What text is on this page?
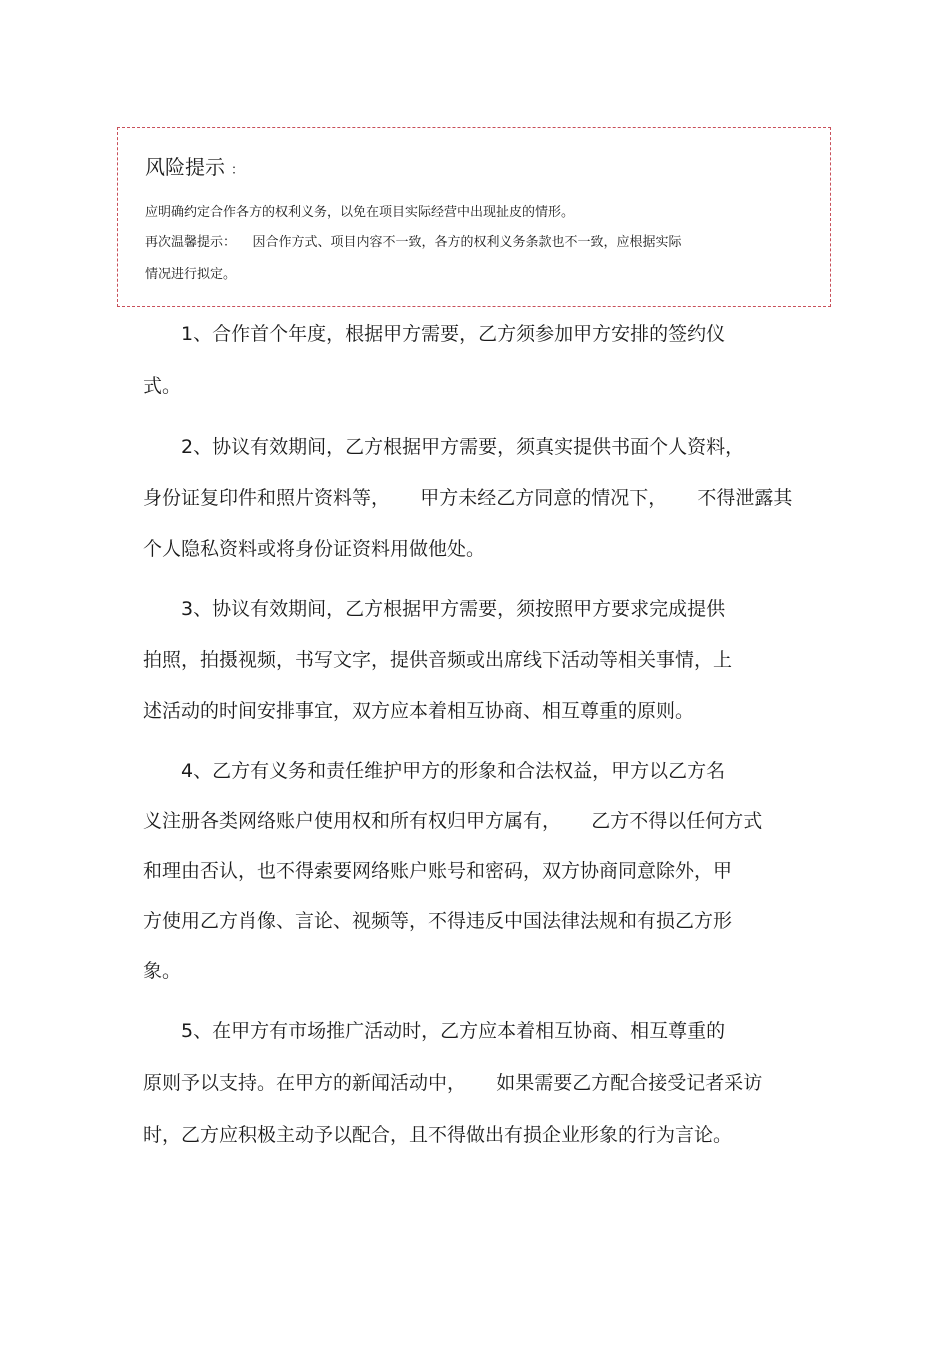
风险提示 ：
应明确约定合作各方的权利义务，以免在项目实际经营中出现扯皮的情形。
再次温馨提示：    因合作方式、项目内容不一致，各方的权利义务条款也不一致，应根据实际
情况进行拟定。
1、合作首个年度，根据甲方需要，乙方须参加甲方安排的签约仪
式。
2、协议有效期间，乙方根据甲方需要，须真实提供书面个人资料，
身份证复印件和照片资料等，     甲方未经乙方同意的情况下，     不得泄露其
个人隐私资料或将身份证资料用做他处。
3、协议有效期间，乙方根据甲方需要，须按照甲方要求完成提供
拍照，拍摄视频，书写文字，提供音频或出席线下活动等相关事情，上
述活动的时间安排事宜，双方应本着相互协商、相互尊重的原则。
4、乙方有义务和责任维护甲方的形象和合法权益，甲方以乙方名
义注册各类网络账户使用权和所有权归甲方属有，     乙方不得以任何方式
和理由否认，也不得索要网络账户账号和密码，双方协商同意除外，甲
方使用乙方肖像、言论、视频等，不得违反中国法律法规和有损乙方形
象。
5、在甲方有市场推广活动时，乙方应本着相互协商、相互尊重的
原则予以支持。在甲方的新闻活动中，     如果需要乙方配合接受记者采访
时，乙方应积极主动予以配合，且不得做出有损企业形象的行为言论。
